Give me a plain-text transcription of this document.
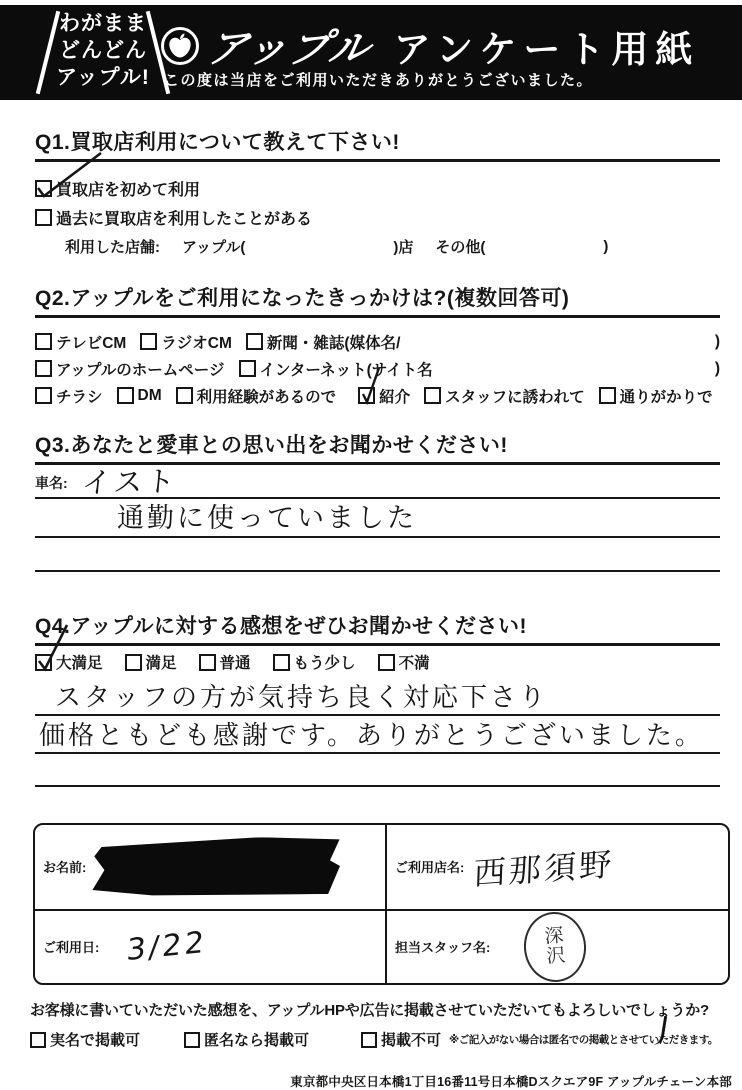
わがまま
どんどん
アップル!
アップル アンケート用紙
この度は当店をご利用いただきありがとうございました。
Q1.買取店利用について教えて下さい!
買取店を初めて利用
過去に買取店を利用したことがある
利用した店舗: アップル(	)店 その他(	)
Q2.アップルをご利用になったきっかけは?(複数回答可)
テレビCM ラジオCM 新聞・雑誌(媒体名/	)
アップルのホームページ インターネット(サイト名	)
チラシ DM 利用経験があるので	紹介 スタッフに誘われて 通りがかりで
Q3.あなたと愛車との思い出をお聞かせください!
車名: イスト
通勤に使っていました
Q4.アップルに対する感想をぜひお聞かせください!
大満足	満足	普通	もう少し	不満
スタッフの方が気持ち良く対応下さり
価格ともども感謝です。ありがとうございました。
お名前:	ご利用店名: 西那須野
ご利用日: 3/22	担当スタッフ名:
深
沢
お客様に書いていただいた感想を、アップルHPや広告に掲載させていただいてもよろしいでしょうか?
実名で掲載可	匿名なら掲載可	掲載不可 ※ご記入がない場合は匿名での掲載とさせていただきます。
東京都中央区日本橋1丁目16番11号日本橋Dスクエア9F アップルチェーン本部
